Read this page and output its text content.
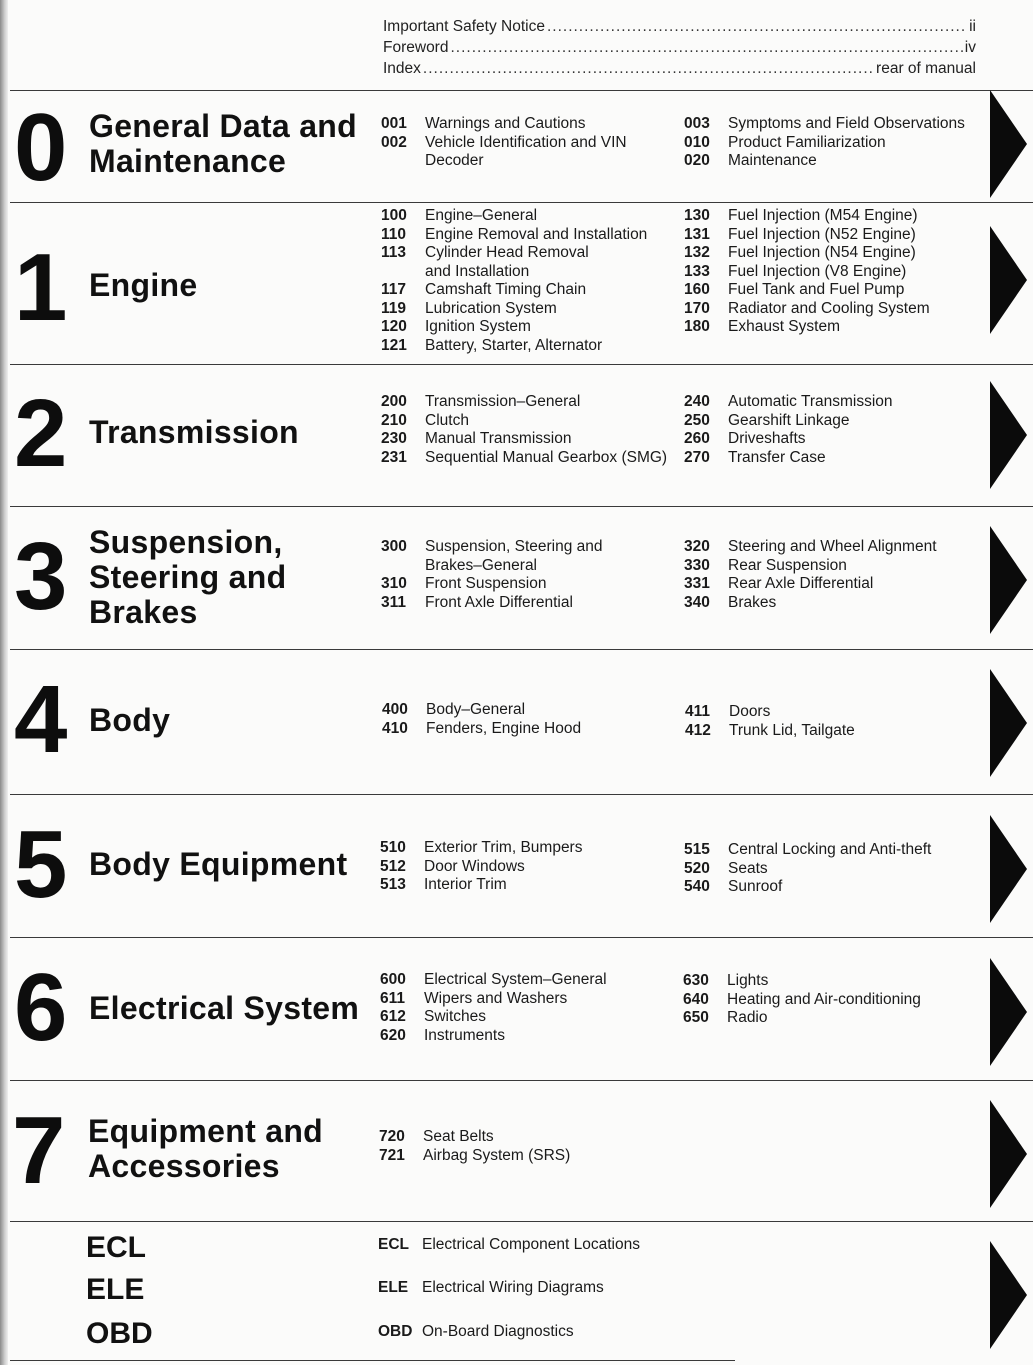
Important Safety Notice .....	ii
Foreword .....	iv
Index .....	rear of manual
0 General Data and Maintenance
001	Warnings and Cautions
002	Vehicle Identification and VIN Decoder
003	Symptoms and Field Observations
010	Product Familiarization
020	Maintenance
1 Engine
100	Engine–General
110	Engine Removal and Installation
113	Cylinder Head Removal and Installation
117	Camshaft Timing Chain
119	Lubrication System
120	Ignition System
121	Battery, Starter, Alternator
130	Fuel Injection (M54 Engine)
131	Fuel Injection (N52 Engine)
132	Fuel Injection (N54 Engine)
133	Fuel Injection (V8 Engine)
160	Fuel Tank and Fuel Pump
170	Radiator and Cooling System
180	Exhaust System
2 Transmission
200	Transmission–General
210	Clutch
230	Manual Transmission
231	Sequential Manual Gearbox (SMG)
240	Automatic Transmission
250	Gearshift Linkage
260	Driveshafts
270	Transfer Case
3 Suspension, Steering and Brakes
300	Suspension, Steering and Brakes–General
310	Front Suspension
311	Front Axle Differential
320	Steering and Wheel Alignment
330	Rear Suspension
331	Rear Axle Differential
340	Brakes
4 Body	400	Body–General
410	Fenders, Engine Hood
411	Doors
412	Trunk Lid, Tailgate
5 Body Equipment	510	Exterior Trim, Bumpers
512	Door Windows
513	Interior Trim
515	Central Locking and Anti-theft
520	Seats
540	Sunroof
6 Electrical System
600	Electrical System–General
611	Wipers and Washers
612	Switches
620	Instruments
630	Lights
640	Heating and Air-conditioning
650	Radio
7 Equipment and Accessories
720	Seat Belts
721	Airbag System (SRS)
ECL
ELE
OBD
ECL Electrical Component Locations
ELE Electrical Wiring Diagrams
OBD On-Board Diagnostics
